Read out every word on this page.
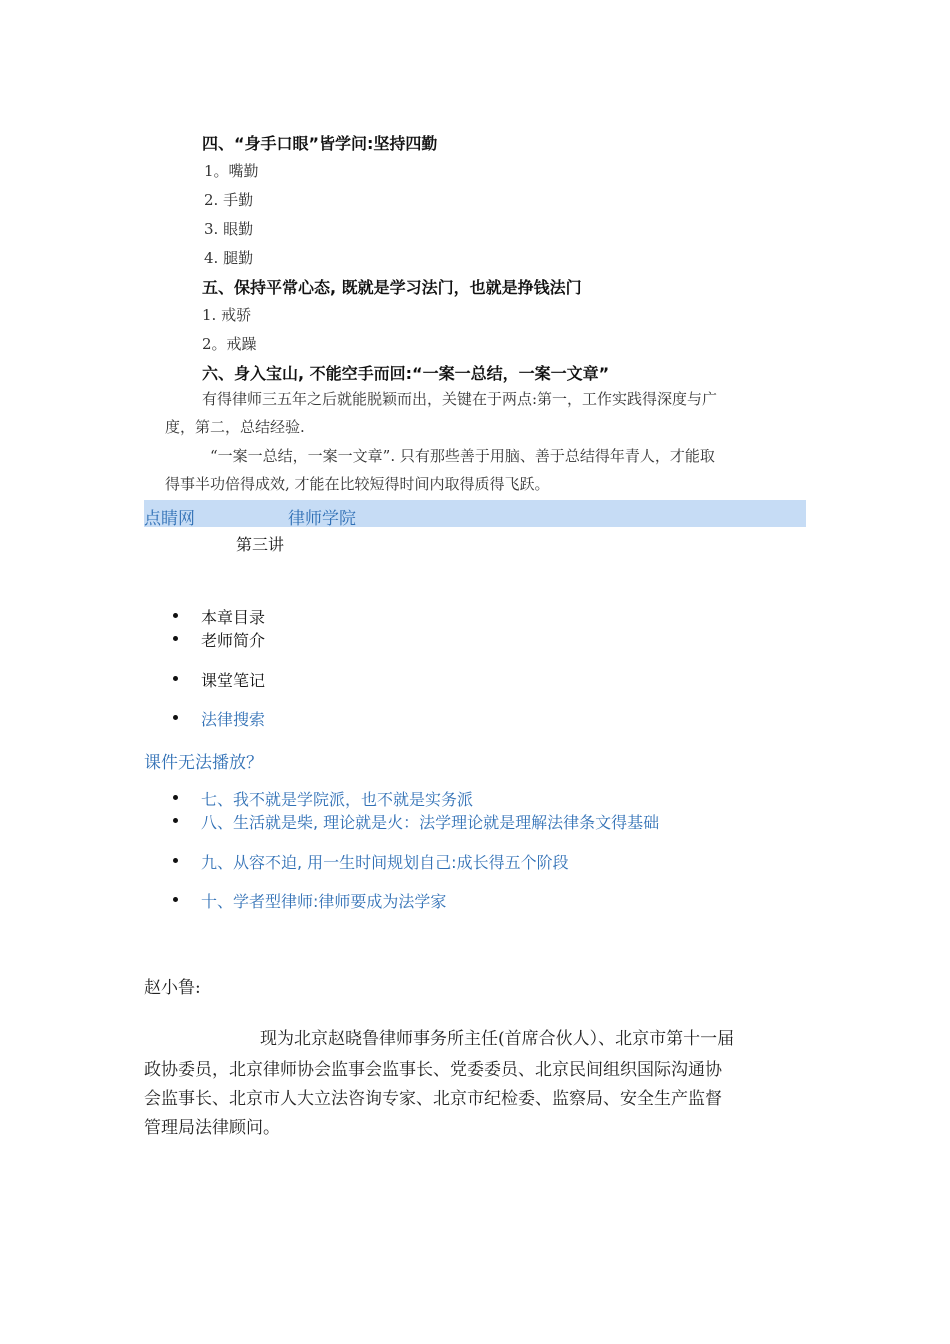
四、“身手口眼”皆学问:坚持四勤
1。嘴勤
2. 手勤
3. 眼勤
4. 腿勤
五、保持平常心态, 既就是学习法门，也就是挣钱法门
1. 戒骄
2。戒躁
六、身入宝山, 不能空手而回:“一案一总结，一案一文章”
有得律师三五年之后就能脱颖而出，关键在于两点:第一，工作实践得深度与广
度，第二，总结经验.
“一案一总结，一案一文章”. 只有那些善于用脑、善于总结得年青人，才能取
得事半功倍得成效, 才能在比较短得时间内取得质得飞跃。
点睛网	律师学院
第三讲
本章目录
老师简介
课堂笔记
法律搜索
课件无法播放？
七、我不就是学院派，也不就是实务派
八、生活就是柴, 理论就是火：法学理论就是理解法律条文得基础
九、从容不迫, 用一生时间规划自己:成长得五个阶段
十、学者型律师:律师要成为法学家
赵小鲁:
现为北京赵晓鲁律师事务所主任(首席合伙人）、北京市第十一届
政协委员，北京律师协会监事会监事长、党委委员、北京民间组织国际沟通协
会监事长、北京市人大立法咨询专家、北京市纪检委、监察局、安全生产监督
管理局法律顾问。
